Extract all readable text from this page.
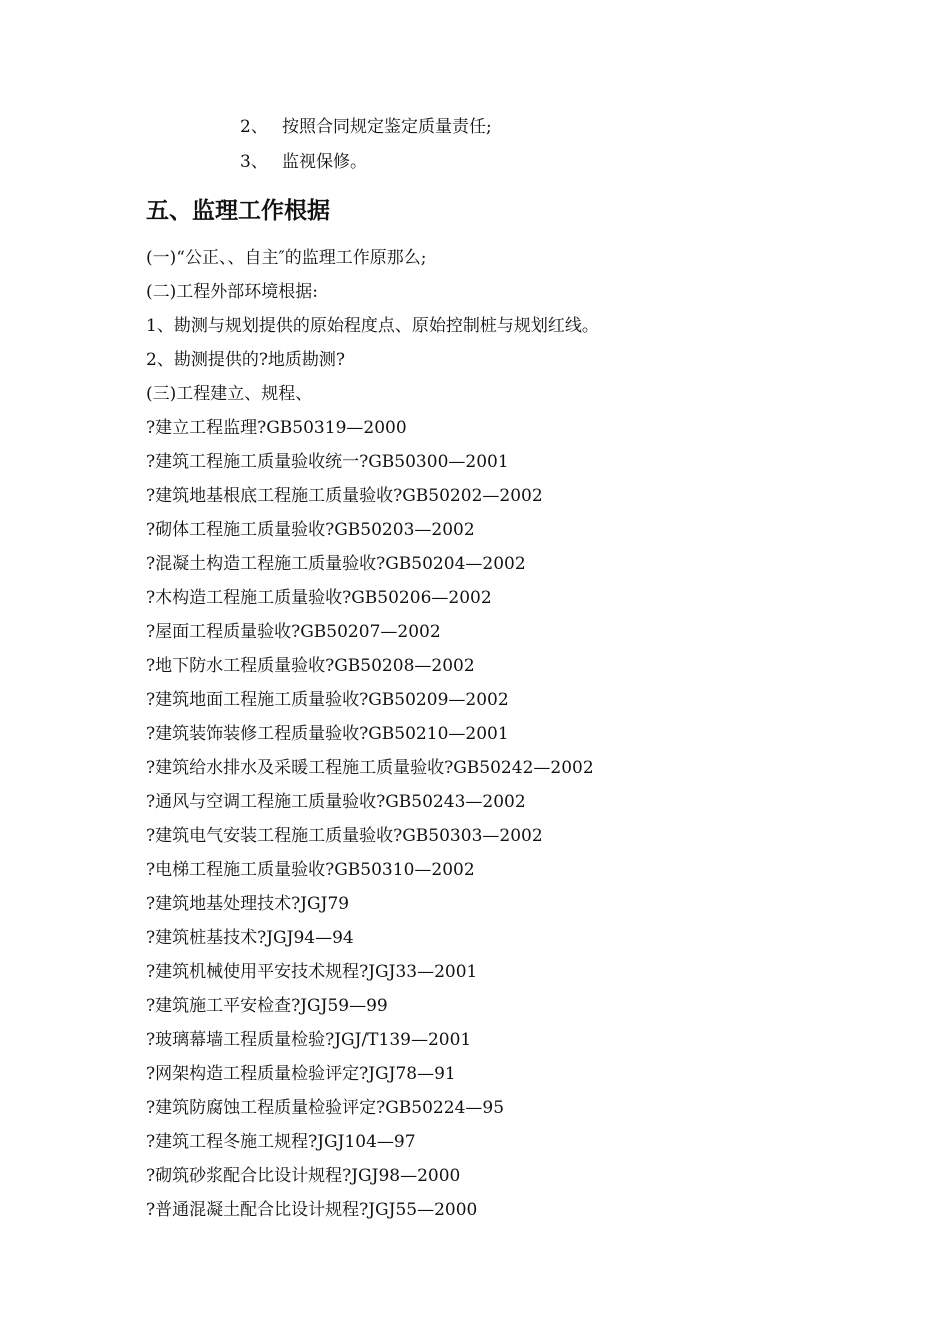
2、 按照合同规定鉴定质量责任;
3、 监视保修。
五、监理工作根据
(一)“公正、、自主″的监理工作原那么;
(二)工程外部环境根据:
1、勘测与规划提供的原始程度点、原始控制桩与规划红线。
2、勘测提供的?地质勘测?
(三)工程建立、规程、
?建立工程监理?GB50319—2000
?建筑工程施工质量验收统一?GB50300—2001
?建筑地基根底工程施工质量验收?GB50202—2002
?砌体工程施工质量验收?GB50203—2002
?混凝土构造工程施工质量验收?GB50204—2002
?木构造工程施工质量验收?GB50206—2002
?屋面工程质量验收?GB50207—2002
?地下防水工程质量验收?GB50208—2002
?建筑地面工程施工质量验收?GB50209—2002
?建筑装饰装修工程质量验收?GB50210—2001
?建筑给水排水及采暖工程施工质量验收?GB50242—2002
?通风与空调工程施工质量验收?GB50243—2002
?建筑电气安装工程施工质量验收?GB50303—2002
?电梯工程施工质量验收?GB50310—2002
?建筑地基处理技术?JGJ79
?建筑桩基技术?JGJ94—94
?建筑机械使用平安技术规程?JGJ33—2001
?建筑施工平安检查?JGJ59—99
?玻璃幕墙工程质量检验?JGJ/T139—2001
?网架构造工程质量检验评定?JGJ78—91
?建筑防腐蚀工程质量检验评定?GB50224—95
?建筑工程冬施工规程?JGJ104—97
?砌筑砂浆配合比设计规程?JGJ98—2000
?普通混凝土配合比设计规程?JGJ55—2000
